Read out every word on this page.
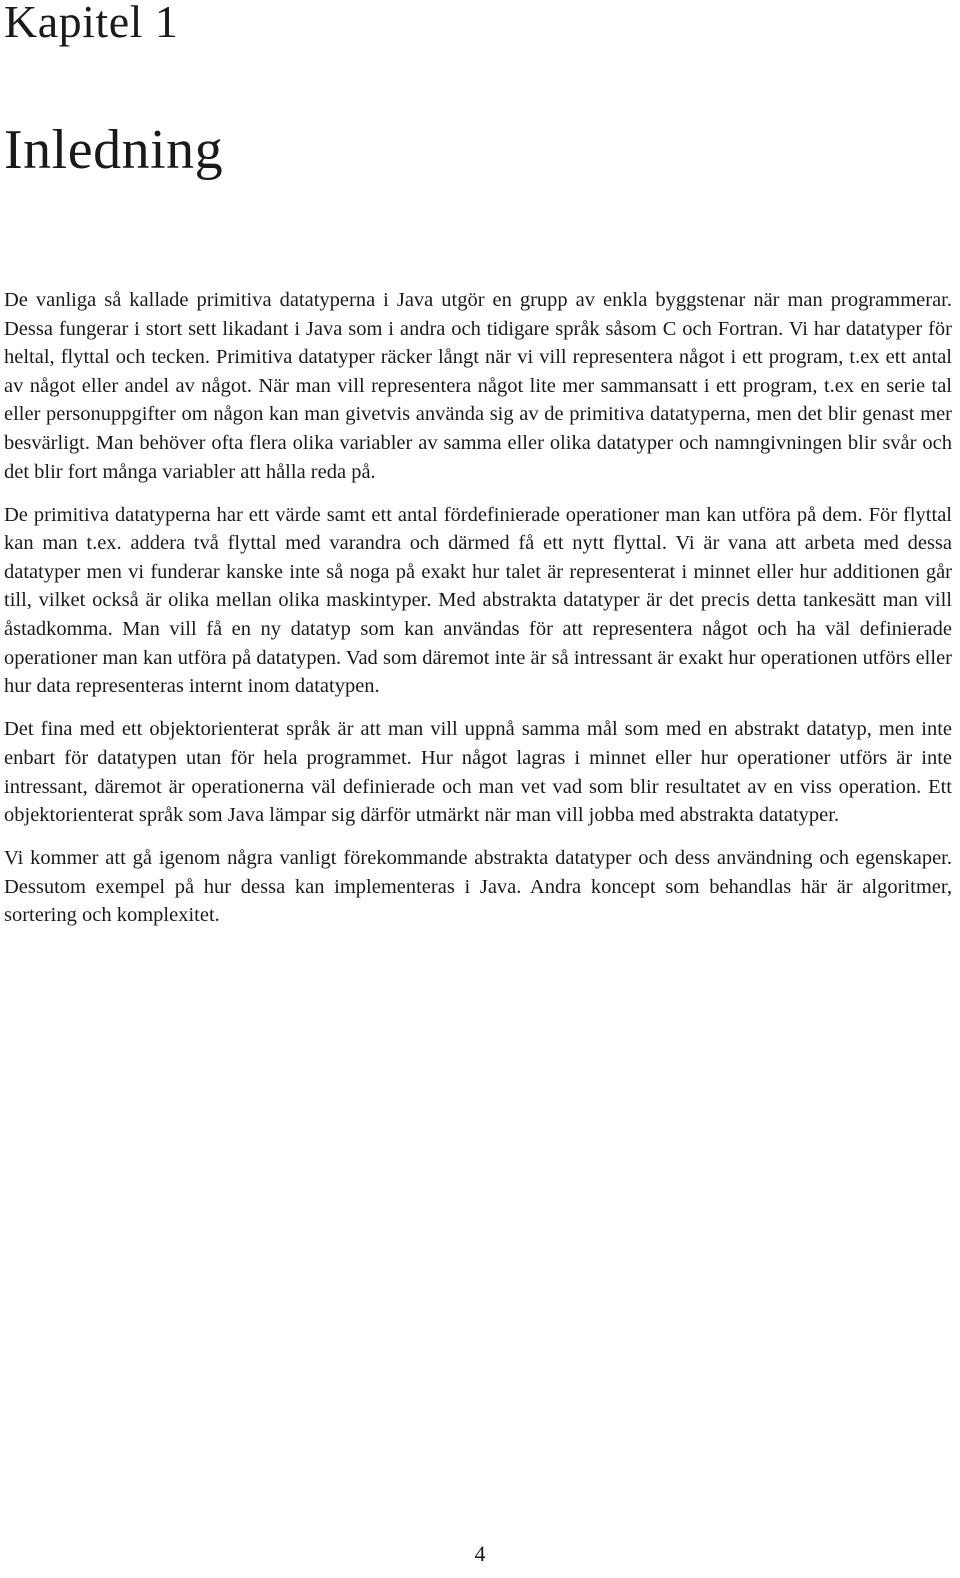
Kapitel 1
Inledning

De vanliga så kallade primitiva datatyperna i Java utgör en grupp av enkla byggstenar när man programmerar. Dessa fungerar i stort sett likadant i Java som i andra och tidigare språk såsom C och Fortran. Vi har datatyper för heltal, flyttal och tecken. Primitiva datatyper räcker långt när vi vill representera något i ett program, t.ex ett antal av något eller andel av något. När man vill representera något lite mer sammansatt i ett program, t.ex en serie tal eller personuppgifter om någon kan man givetvis använda sig av de primitiva datatyperna, men det blir genast mer besvärligt. Man behöver ofta flera olika variabler av samma eller olika datatyper och namngivningen blir svår och det blir fort många variabler att hålla reda på.

De primitiva datatyperna har ett värde samt ett antal fördefinierade operationer man kan utföra på dem. För flyttal kan man t.ex. addera två flyttal med varandra och därmed få ett nytt flyttal. Vi är vana att arbeta med dessa datatyper men vi funderar kanske inte så noga på exakt hur talet är representerat i minnet eller hur additionen går till, vilket också är olika mellan olika maskintyper. Med abstrakta datatyper är det precis detta tankesätt man vill åstadkomma. Man vill få en ny datatyp som kan användas för att representera något och ha väl definierade operationer man kan utföra på datatypen. Vad som däremot inte är så intressant är exakt hur operationen utförs eller hur data representeras internt inom datatypen.

Det fina med ett objektorienterat språk är att man vill uppnå samma mål som med en abstrakt datatyp, men inte enbart för datatypen utan för hela programmet. Hur något lagras i minnet eller hur operationer utförs är inte intressant, däremot är operationerna väl definierade och man vet vad som blir resultatet av en viss operation. Ett objektorienterat språk som Java lämpar sig därför utmärkt när man vill jobba med abstrakta datatyper.

Vi kommer att gå igenom några vanligt förekommande abstrakta datatyper och dess användning och egenskaper. Dessutom exempel på hur dessa kan implementeras i Java. Andra koncept som behandlas här är algoritmer, sortering och komplexitet.

4
